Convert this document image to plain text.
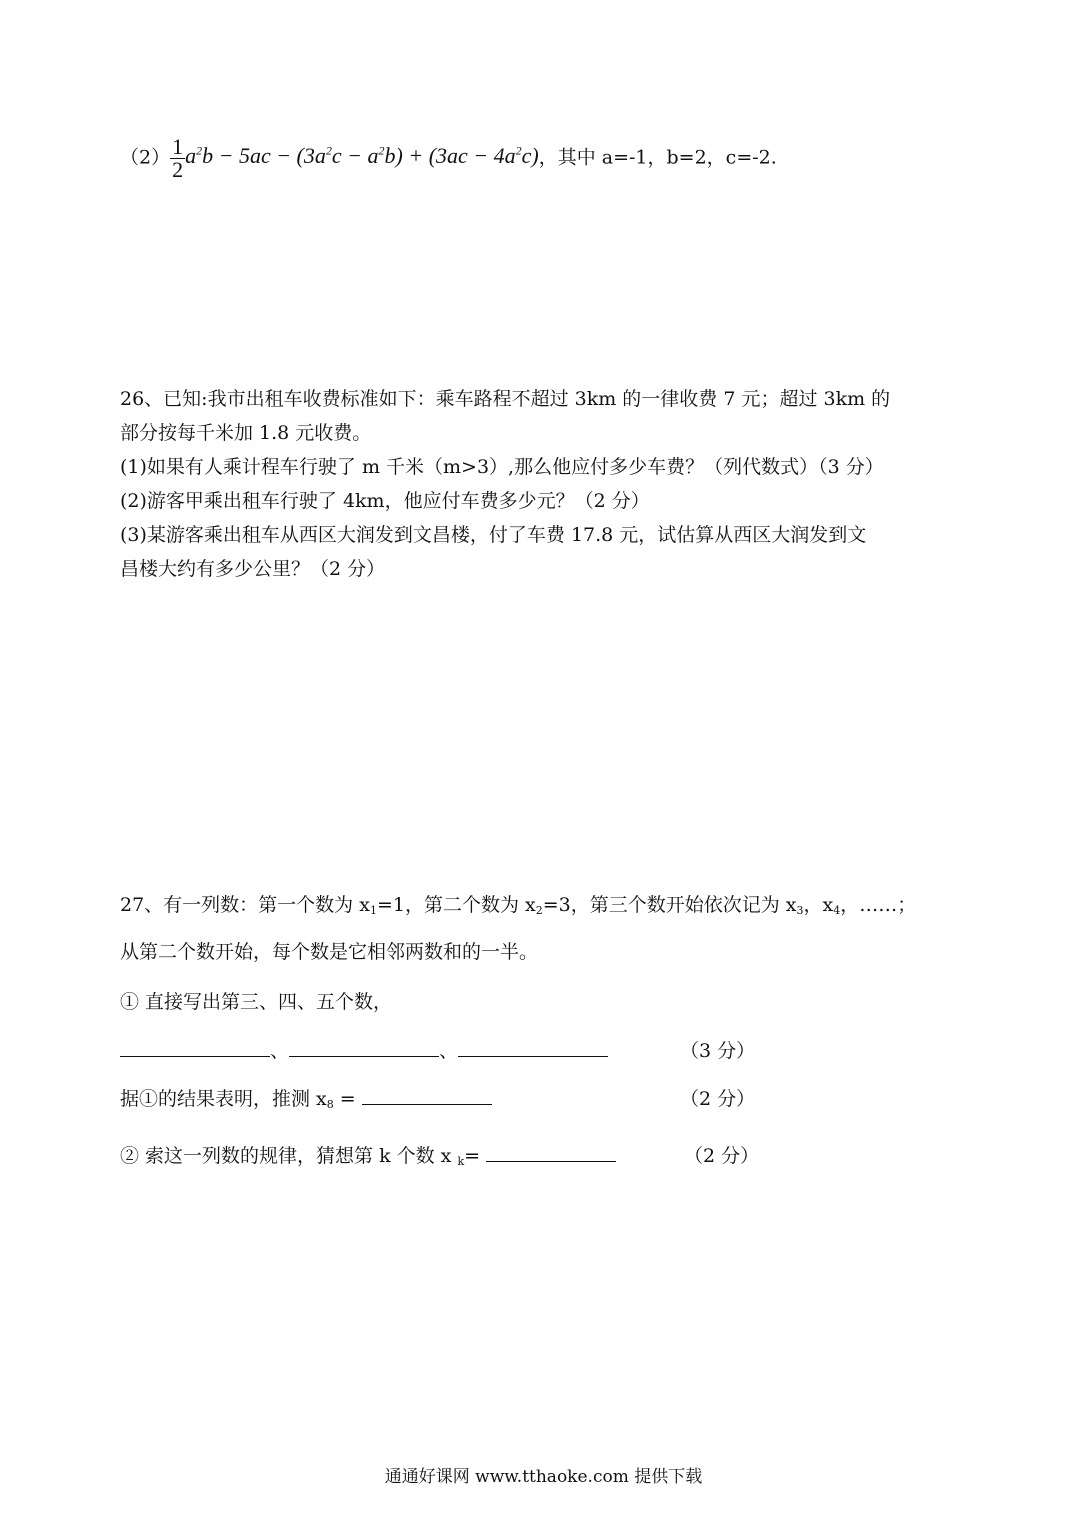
$(2) \frac{1}{2} a^2b - 5ac - (3a^2c - a^2b) + (3ac - 4a^2c)$，其中 a=-1，b=2，c=-2.
26、已知:我市出租车收费标准如下：乘车路程不超过 3km 的一律收费 7 元；超过 3km 的
部分按每千米加 1.8 元收费。
(1)如果有人乘计程车行驶了 m 千米（m>3）,那么他应付多少车费？（列代数式）（3 分）
(2)游客甲乘出租车行驶了 4km，他应付车费多少元？（2 分）
(3)某游客乘出租车从西区大润发到文昌楼，付了车费 17.8 元，试估算从西区大润发到文
昌楼大约有多少公里？（2 分）
27、有一列数：第一个数为 x1=1，第二个数为 x2=3，第三个数开始依次记为 x3，x4，……；
从第二个数开始，每个数是它相邻两数和的一半。
① 直接写出第三、四、五个数，
、	、	（3 分）
据①的结果表明，推测 x8 =	（2 分）
② 索这一列数的规律，猜想第 k 个数 x k=	（2 分）
通通好课网 www.tthaoke.com 提供下载
